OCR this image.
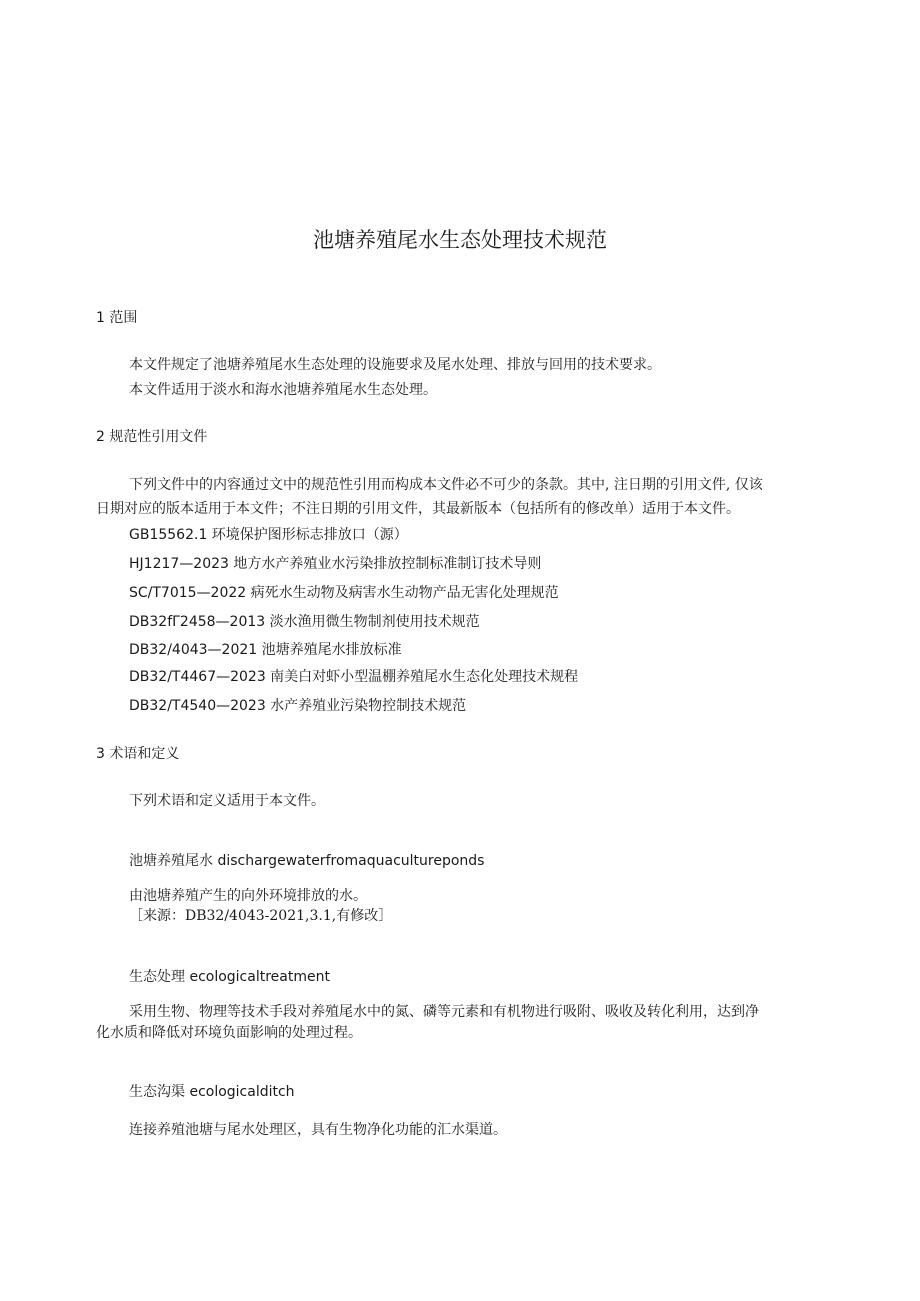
池塘养殖尾水生态处理技术规范
1 范围
本文件规定了池塘养殖尾水生态处理的设施要求及尾水处理、排放与回用的技术要求。
本文件适用于淡水和海水池塘养殖尾水生态处理。
2 规范性引用文件
下列文件中的内容通过文中的规范性引用而构成本文件必不可少的条款。其中, 注日期的引用文件, 仅该
日期对应的版本适用于本文件；不注日期的引用文件，其最新版本（包括所有的修改单）适用于本文件。
GB15562.1 环境保护图形标志排放口（源）
HJ1217—2023 地方水产养殖业水污染排放控制标准制订技术导则
SC/T7015—2022 病死水生动物及病害水生动物产品无害化处理规范
DB32fΓ2458—2013 淡水渔用微生物制剂使用技术规范
DB32/4043—2021 池塘养殖尾水排放标准
DB32/T4467—2023 南美白对虾小型温棚养殖尾水生态化处理技术规程
DB32/T4540—2023 水产养殖业污染物控制技术规范
3 术语和定义
下列术语和定义适用于本文件。
池塘养殖尾水 dischargewaterfromaquacultureponds
由池塘养殖产生的向外环境排放的水。
［来源：DB32/4043-2021,3.1,有修改］
生态处理 ecologicaltreatment
采用生物、物理等技术手段对养殖尾水中的氮、磷等元素和有机物进行吸附、吸收及转化利用，达到净
化水质和降低对环境负面影响的处理过程。
生态沟渠 ecologicalditch
连接养殖池塘与尾水处理区，具有生物净化功能的汇水渠道。
